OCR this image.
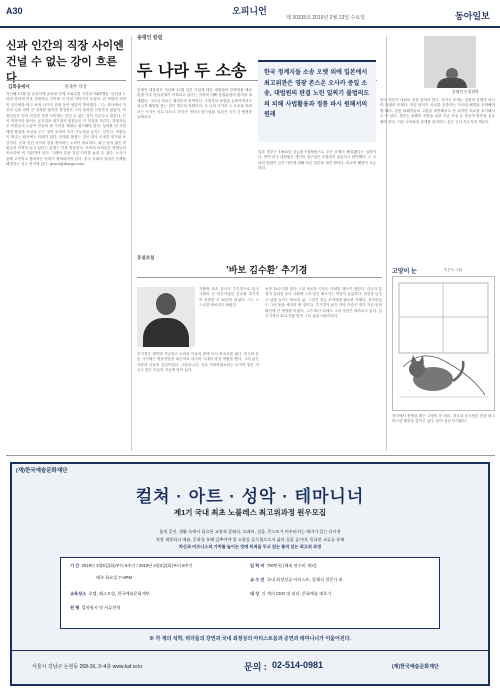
A30	오피니언
제 30335호 2019년 2월 13일 수요일	동아일보
신과 인간의 직장 사이엔 건널 수 없는 강이 흐른다
김화웅에서	경제부 차장
지난해 12월 말 온라인에 올라와 전체 조회수를 기록한 'SKY캐슬' 인터넷 드라마 말미에 이웃 경영자들 사이에 서 이런 이야기가 오갔다. 한 직원의 사연이 인터넷을 타고 퍼져 나가자 한참 동안 댓글이 쏟아졌다. 그는 회사에서 자신의 일을 하며 큰 성과를 냈지만 경영진은 그의 성과를 인정하지 않았다. 직장인들은 신과 인간의 직장 사이에는 건널 수 없는 강이 흐른다고 말한다. 신의 직장이라 불리는 공기업과 대기업의 임원들은 이 현실을 모른다. 경영자들은 직원들의 노동이 만들어 낸 가치를 제대로 평가해야 한다. 성과를 낸 사람에게 합당한 보상을 주는 것이 조직의 지속 가능성을 높이는 길이다. 직원들이 떠나는 회사에는 미래가 없다. 인재를 붙잡는 것은 결국 공정한 평가와 보상이다. 신과 인간 사이의 강을 좁히려는 노력이 필요하다. 최근 들어 젊은 직원들의 이직이 늘고 있다는 통계는 이를 방증한다. 조직의 리더들은 직원들의 목소리에 귀 기울여야 한다. 그래야 강을 건널 다리를 놓을 수 있다. 노사가 함께 고민하고 합의하는 문화가 정착되어야 한다. 한국 사회의 일자리 문제를 해결하는 길도 여기에 있다. grace@donga.com
송평인 칼럼
두 나라 두 소송
문재인 대통령은 지난해 12월 일본 기업에 대한 대법원의 강제징용 배상 판결 이후 한일관계가 악화되고 있다는 지적에 대해 삼권분립의 원칙을 내세웠다. 그러나 외교는 행정부의 영역이다. 사법부의 판결을 존중하면서도 외교적 해법을 찾는 것이 정부의 역할이다. 두 나라 사이의 두 소송을 바라보는 시각은 서로 다르다. 한국은 개인의 청구권을, 일본은 국가 간 협정을 앞세운다.
한국 정계지들 소송 오랫 외에 일본에서 최고위관은 영광 존스온 오사카 중일 소송, 대법원의 판결 노린 일찌기 불법의도의 피해 사법활용과 정통 파시 원해서의 원래
일본 정부는 1965년 한일청구권협정으로 모든 문제가 해결됐다는 입장이다. 반면 한국 대법원은 개인의 청구권은 소멸되지 않았다고 판단했다. 두 나라의 법원이 같은 사안에 대해 다른 결론을 내린 셈이다. 외교적 해법이 시급하다.
송평인 논설위원
양국 정부가 대화의 장을 열어야 한다. 과거사 문제는 감정의 문제가 아니라 미래의 문제다. 한일 양국이 서로를 존중하는 가운데 해법을 모색해야 할 때다. 징용 피해자들의 고통을 외면해서도 안 되지만 외교를 포기해서도 안 된다. 정부는 피해자 지원을 위한 기금 조성 등 현실적 방안을 검토해야 한다. 이웃 나라와의 관계를 관리하는 것은 국가 지도자의 책무다.
동설보설
'바보 김수환' 추기경
가톨릭 최초 한국인 추기경으로 한국 사회의 큰 어른이었던 김수환 추기경이 선종한 지 10년이 되었다. 그는 스스로를 바보라고 불렀다.
추기경은 생전에 가난하고 소외된 이들의 편에 서서 목소리를 냈다. 민주화 운동 시기에는 명동성당을 피난처로 내주며 시대의 양심 역할을 했다. 그의 삶은 사랑과 나눔의 실천이었다. 고맙습니다. 서로 사랑하세요라는 마지막 말은 지금도 많은 이들의 가슴에 남아 있다.
선종 10주기를 맞아 그의 정신을 기리는 다양한 행사가 열린다. 갈등과 분열이 깊어진 우리 사회에 그가 남긴 메시지는 여전히 유효하다. 자신을 낮추고 남을 높이는 바보의 삶, 그것이 지금 우리에게 필요한 지혜다. 정치인들도 그의 뜻을 새겨야 할 것이다. 추기경이 남긴 각막 기증은 장기 기증 문화 확산에 큰 영향을 미쳤다. 그가 떠난 뒤에도 그의 사랑은 계속되고 있다. 김 추기경의 10주기를 맞아 그의 삶을 되돌아본다.
고양이 눈	이은숙 그림
창가에서 봄볕을 쬐는 고양이 한 마리. 겨우내 웅크렸던 몸을 펴고 따스한 햇살을 즐기고 있다. 봄이 성큼 다가왔다.
(재)한국예술문화재단
컬쳐 · 아트 · 성악 · 테마니너
제1기 국내 최초 노블레스 최고위과정 원우모집
품격 증진, 생활 속에서 필요한 교양과 클래식, 오페라, 성음, 큰스트가 어우러지는 테마가 있는 다사용
직장 재창하고 예술, 문화를 통해 감추어야 할 소양을 습득함으로서 삶의 질을 높이며, 목표한 교류를 통해
차신과 비즈니스의 가치를 높이는 것에 목적을 두고 있는 품격 있는 최고위 과정
기 간 2019년 3월5일(화)부터 6주간 / 2019년 4월2일(화)부터 8주간
매주 화요일 7~9PM
교육장소 호텔, 레스토랑, 한국예술문화재단
전 형 입학원서 및 서류전형
입 학 비 700만원 (해외 연수비 제외)
교 수 진 국내 최정상급 아티스트, 클래식 전문가 외
대 상 각 계의 CEO 및 리더, 문화예술 애호가
※ 각 계의 석학, 리더들의 강연과 국내 최정상의 아티스트들과 공연과 테마니너가 어울어진다.
서울시 강남구 논현동 268-16, 3~4층 www.kaf.or.kr	문의 : 02-514-0981	(재)한국예술문화재단
